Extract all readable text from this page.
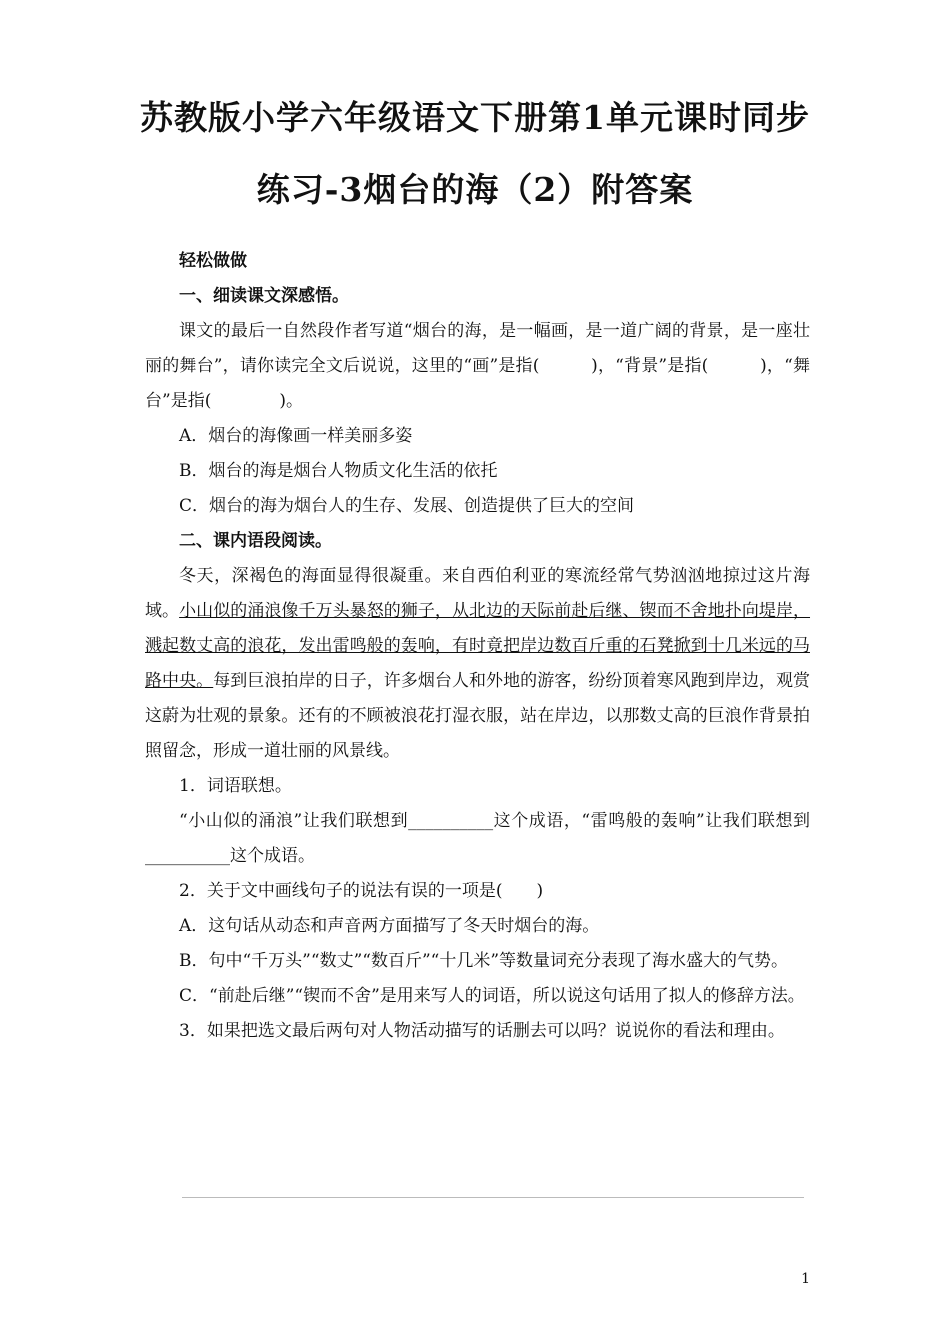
苏教版小学六年级语文下册第1单元课时同步
练习-3烟台的海（2）附答案

轻松做做

一、细读课文深感悟。

课文的最后一自然段作者写道“烟台的海，是一幅画，是一道广阔的背景，是一座壮丽的舞台”，请你读完全文后说说，这里的“画”是指(　　　)，“背景”是指(　　　)，“舞台”是指(　　　　)。

A．烟台的海像画一样美丽多姿

B．烟台的海是烟台人物质文化生活的依托

C．烟台的海为烟台人的生存、发展、创造提供了巨大的空间

二、课内语段阅读。

冬天，深褐色的海面显得很凝重。来自西伯利亚的寒流经常气势汹汹地掠过这片海域。小山似的涌浪像千万头暴怒的狮子，从北边的天际前赴后继、锲而不舍地扑向堤岸，溅起数丈高的浪花，发出雷鸣般的轰响，有时竟把岸边数百斤重的石凳掀到十几米远的马路中央。每到巨浪拍岸的日子，许多烟台人和外地的游客，纷纷顶着寒风跑到岸边，观赏这蔚为壮观的景象。还有的不顾被浪花打湿衣服，站在岸边，以那数丈高的巨浪作背景拍照留念，形成一道壮丽的风景线。

1．词语联想。

“小山似的涌浪”让我们联想到__________这个成语，“雷鸣般的轰响”让我们联想到__________这个成语。

2．关于文中画线句子的说法有误的一项是(　　)

A．这句话从动态和声音两方面描写了冬天时烟台的海。

B．句中“千万头”“数丈”“数百斤”“十几米”等数量词充分表现了海水盛大的气势。

C．“前赴后继”“锲而不舍”是用来写人的词语，所以说这句话用了拟人的修辞方法。

3．如果把选文最后两句对人物活动描写的话删去可以吗？说说你的看法和理由。

1
